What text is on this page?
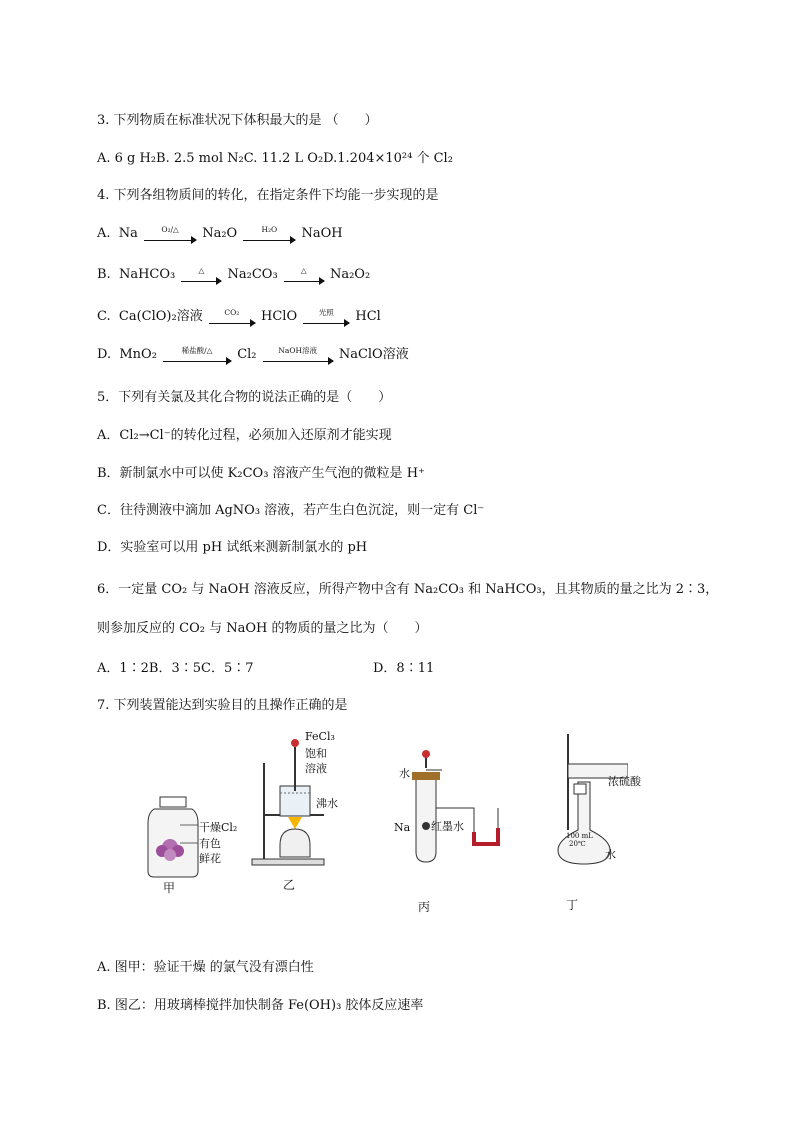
3. 下列物质在标准状况下体积最大的是 （　　）
A. 6 g H₂B. 2.5 mol N₂C. 11.2 L O₂D.1.204×10²⁴ 个 Cl₂
4. 下列各组物质间的转化，在指定条件下均能一步实现的是
A. Na	O₂/△ Na₂O	H₂O NaOH
B. NaHCO₃	△ Na₂CO₃	△ Na₂O₂
C. Ca(ClO)₂溶液	CO₂ HClO	光照 HCl
D. MnO₂	稀盐酸/△ Cl₂	NaOH溶液 NaClO溶液
5．下列有关氯及其化合物的说法正确的是（　　）
A．Cl₂→Cl⁻的转化过程，必须加入还原剂才能实现
B．新制氯水中可以使 K₂CO₃ 溶液产生气泡的微粒是 H⁺
C．往待测液中滴加 AgNO₃ 溶液，若产生白色沉淀，则一定有 Cl⁻
D．实验室可以用 pH 试纸来测新制氯水的 pH
6．一定量 CO₂ 与 NaOH 溶液反应，所得产物中含有 Na₂CO₃ 和 NaHCO₃，且其物质的量之比为 2∶3，
则参加反应的 CO₂ 与 NaOH 的物质的量之比为（　　）
A．1∶2B．3∶5C．5∶7	D．8∶11
7. 下列装置能达到实验目的且操作正确的是
干燥Cl₂
有色
鲜花
甲
FeCl₃
饱和
溶液
沸水
乙
水
Na 红墨水
丙
浓硫酸
100 mL
20℃
水
丁
A. 图甲：验证干燥 的氯气没有漂白性
B. 图乙：用玻璃棒搅拌加快制备 Fe(OH)₃ 胶体反应速率
